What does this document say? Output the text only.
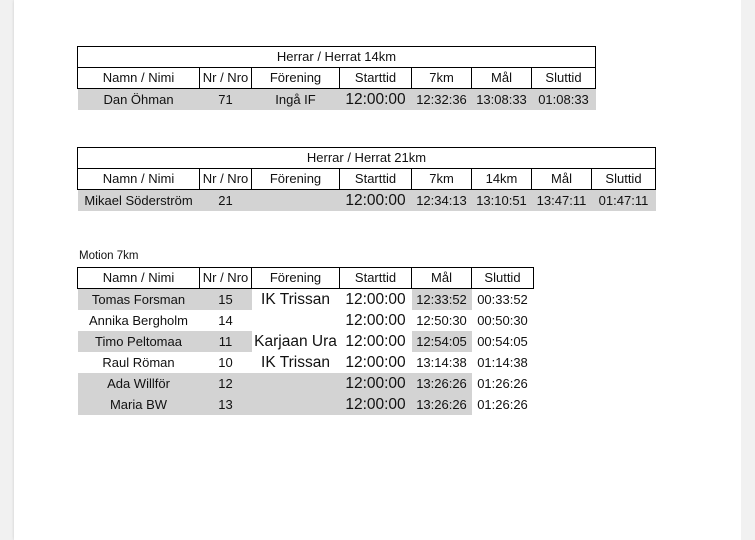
Herrar / Herrat 14km						
Namn / Nimi	Nr / Nro	Förening	Starttid	7km	Mål	Sluttid
Dan Öhman	71	Ingå IF	12:00:00	12:32:36	13:08:33	01:08:33
Herrar / Herrat 21km							
Namn / Nimi	Nr / Nro	Förening	Starttid	7km	14km	Mål	Sluttid
Mikael Söderström	21		12:00:00	12:34:13	13:10:51	13:47:11	01:47:11
Motion 7km
Namn / Nimi	Nr / Nro	Förening	Starttid	Mål	Sluttid
Tomas Forsman	15	IK Trissan	12:00:00	12:33:52	00:33:52
Annika Bergholm	14		12:00:00	12:50:30	00:50:30
Timo Peltomaa	11	Karjaan Ura	12:00:00	12:54:05	00:54:05
Raul Röman	10	IK Trissan	12:00:00	13:14:38	01:14:38
Ada Willför	12		12:00:00	13:26:26	01:26:26
Maria BW	13		12:00:00	13:26:26	01:26:26
